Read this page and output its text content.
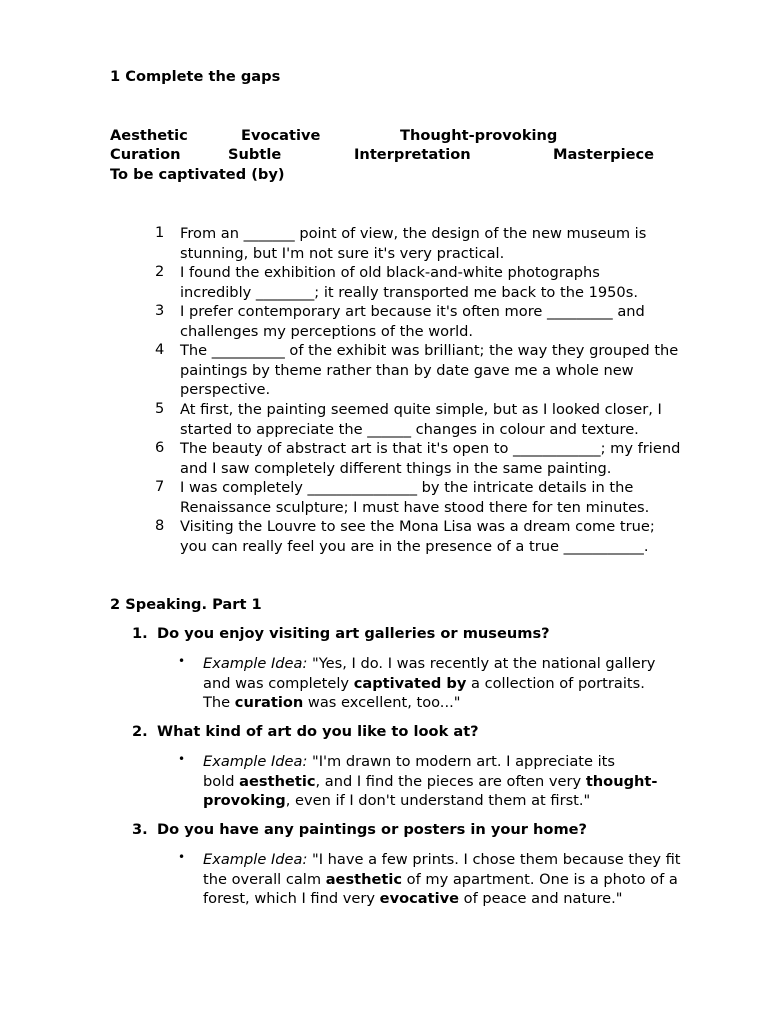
1 Complete the gaps
Aesthetic	Evocative	Thought-provoking
Curation	Subtle	Interpretation	Masterpiece
To be captivated (by)
1 From an _______ point of view, the design of the new museum is
stunning, but I'm not sure it's very practical.
2 I found the exhibition of old black-and-white photographs
incredibly ________; it really transported me back to the 1950s.
3 I prefer contemporary art because it's often more _________ and
challenges my perceptions of the world.
4 The __________ of the exhibit was brilliant; the way they grouped the
paintings by theme rather than by date gave me a whole new
perspective.
5 At first, the painting seemed quite simple, but as I looked closer, I
started to appreciate the ______ changes in colour and texture.
6 The beauty of abstract art is that it's open to ____________; my friend
and I saw completely different things in the same painting.
7 I was completely _______________ by the intricate details in the
Renaissance sculpture; I must have stood there for ten minutes.
8 Visiting the Louvre to see the Mona Lisa was a dream come true;
you can really feel you are in the presence of a true ___________.
2 Speaking. Part 1
1. Do you enjoy visiting art galleries or museums?
• Example Idea: "Yes, I do. I was recently at the national gallery
and was completely captivated by a collection of portraits.
The curation was excellent, too..."
2. What kind of art do you like to look at?
• Example Idea: "I'm drawn to modern art. I appreciate its
bold aesthetic, and I find the pieces are often very thought-
provoking, even if I don't understand them at first."
3. Do you have any paintings or posters in your home?
• Example Idea: "I have a few prints. I chose them because they fit
the overall calm aesthetic of my apartment. One is a photo of a
forest, which I find very evocative of peace and nature."
